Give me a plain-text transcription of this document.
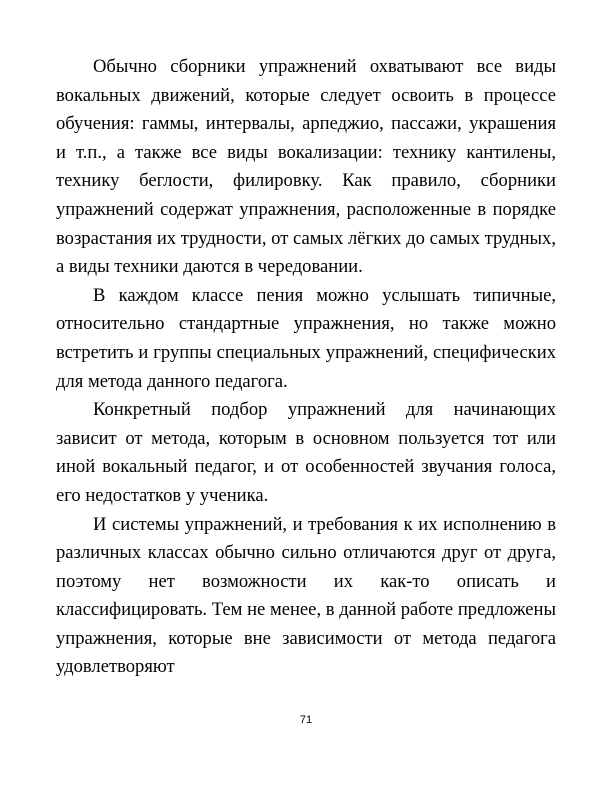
Обычно сборники упражнений охватывают все виды вокальных движений, которые следует освоить в процессе обучения: гаммы, интервалы, арпеджио, пассажи, украшения и т.п., а также все виды вокализации: технику кантилены, технику беглости, филировку. Как правило, сборники упражнений содержат упражнения, расположенные в порядке возрастания их трудности, от самых лёгких до самых трудных, а виды техники даются в чередовании.

В каждом классе пения можно услышать типичные, относительно стандартные упражнения, но также можно встретить и группы специальных упражнений, специфических для метода данного педагога.

Конкретный подбор упражнений для начинающих зависит от метода, которым в основном пользуется тот или иной вокальный педагог, и от особенностей звучания голоса, его недостатков у ученика.

И системы упражнений, и требования к их исполнению в различных классах обычно сильно отличаются друг от друга, поэтому нет возможности их как-то описать и классифицировать. Тем не менее, в данной работе предложены упражнения, которые вне зависимости от метода педагога удовлетворяют

71
